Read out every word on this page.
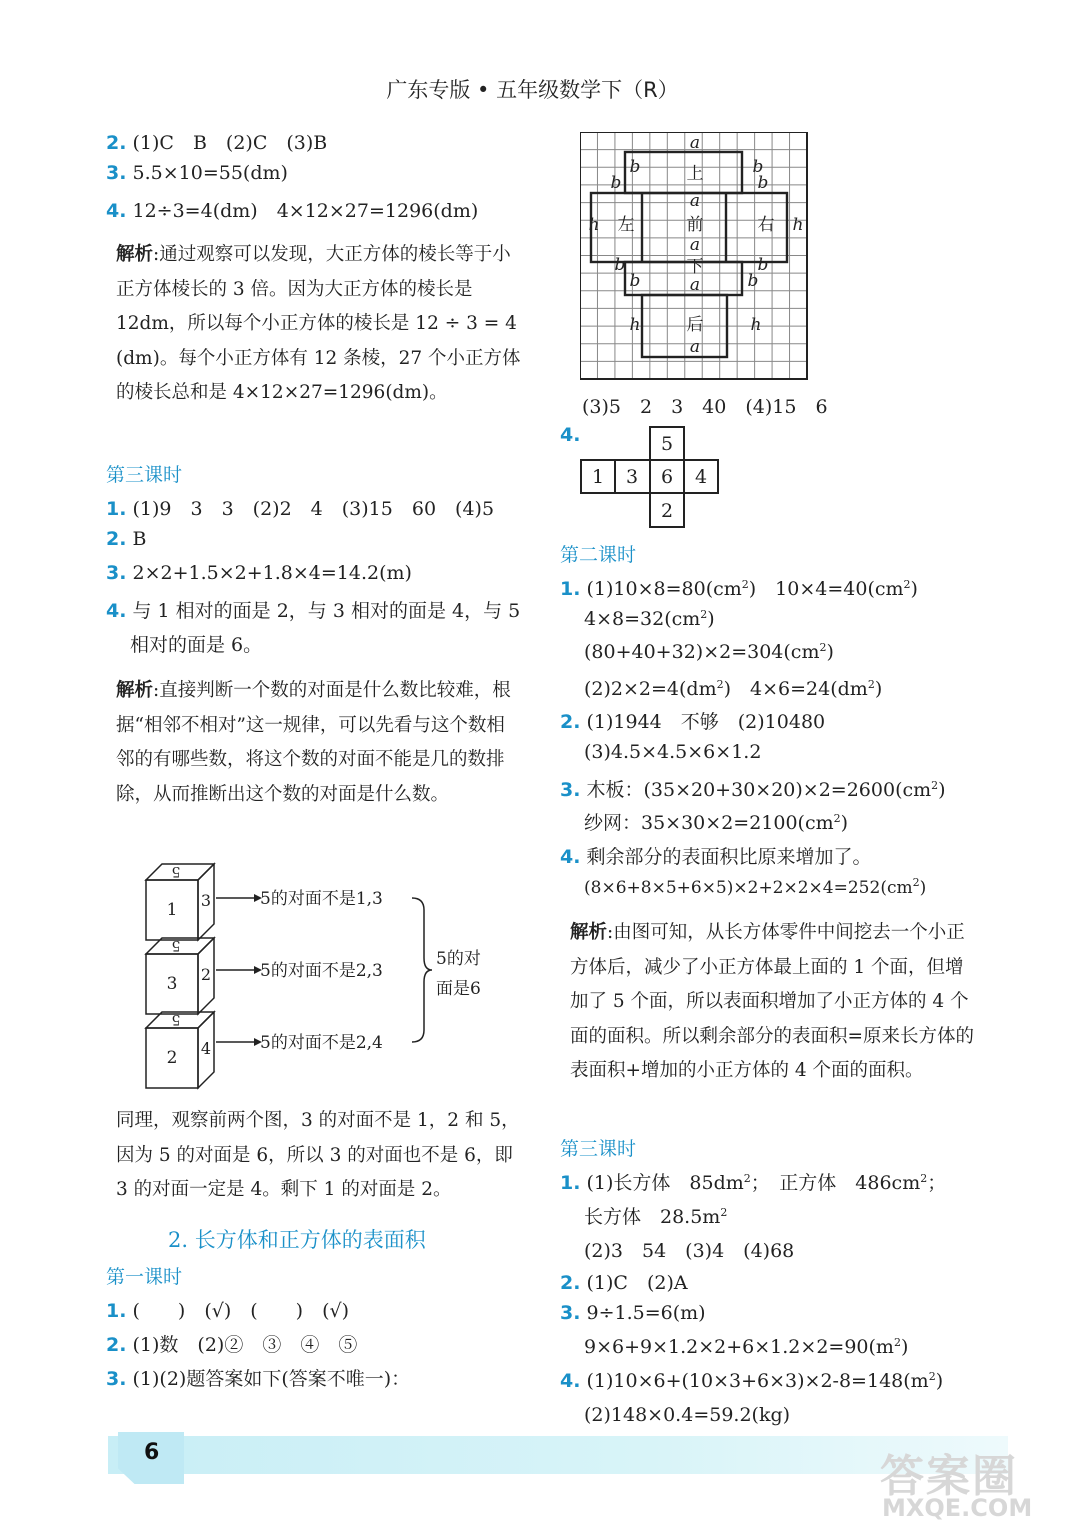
广东专版 • 五年级数学下（R）
2. (1)C　B　(2)C　(3)B
3. 5.5×10=55(dm)
4. 12÷3=4(dm)　4×12×27=1296(dm)
解析:通过观察可以发现，大正方体的棱长等于小正方体棱长的 3 倍。因为大正方体的棱长是 12dm，所以每个小正方体的棱长是 12 ÷ 3 = 4 (dm)。每个小正方体有 12 条棱，27 个小正方体的棱长总和是 4×12×27=1296(dm)。
第三课时
1. (1)9　3　3　(2)2　4　(3)15　60　(4)5
2. B
3. 2×2+1.5×2+1.8×4=14.2(m)
4. 与 1 相对的面是 2，与 3 相对的面是 4，与 5
相对的面是 6。
解析:直接判断一个数的对面是什么数比较难，根据“相邻不相对”这一规律，可以先看与这个数相邻的有哪些数，将这个数的对面不能是几的数排除，从而推断出这个数的对面是什么数。
5
1 3	5的对面不是1,3
5
3 2	5的对面不是2,3
5
2 4	5的对面不是2,4
5的对
面是6
同理，观察前两个图，3 的对面不是 1，2 和 5，因为 5 的对面是 6，所以 3 的对面也不是 6，即 3 的对面一定是 4。剩下 1 的对面是 2。
2. 长方体和正方体的表面积
第一课时
1. (　　)　(√)　(　　)　(√)
2. (1)数　(2)②　③　④　⑤
3. (1)(2)题答案如下(答案不唯一)：
a
上
b	b
b	b
a
h 左	前	右 h
a
b	下	b
b	a	b
h	后	h
a
(3)5　2　3　40　(4)15　6
4.	5
1 3 6 4
2
第二课时
1. $(1)10\times 8=80(cm^2)$　$10\times 4=40(cm^2)$
$4\times 8=32(cm^2)$
$(80+40+32)\times 2=304(cm^2)$
$(2)2\times 2=4(dm^2)$　$4\times 6=24(dm^2)$
2. (1)1944　不够　(2)10480
(3)4.5×4.5×6×1.2
3. 木板：$(35\times 20+30\times 20)\times 2=2600(cm^2)$
纱网：$35\times 30\times 2=2100(cm^2)$
4. 剩余部分的表面积比原来增加了。
$(8\times 6+8\times 5+6\times 5)\times 2+2\times 2\times 4=252(cm^2)$
解析:由图可知，从长方体零件中间挖去一个小正方体后，减少了小正方体最上面的 1 个面，但增加了 5 个面，所以表面积增加了小正方体的 4 个面的面积。所以剩余部分的表面积=原来长方体的表面积+增加的小正方体的 4 个面的面积。
第三课时
1. (1)长方体　$85dm^2$；　正方体　$486cm^2$；
长方体　$28.5m^2$
(2)3　54　(3)4　(4)68
2. (1)C　(2)A
3. 9÷1.5=6(m)
$9\times 6+9\times 1.2\times 2+6\times 1.2\times 2=90(m^2)$
4. $(1)10\times 6+(10\times 3+6\times 3)\times 2-8=148(m^2)$
(2)148×0.4=59.2(kg)
6	答案圈
MXQE.COM
